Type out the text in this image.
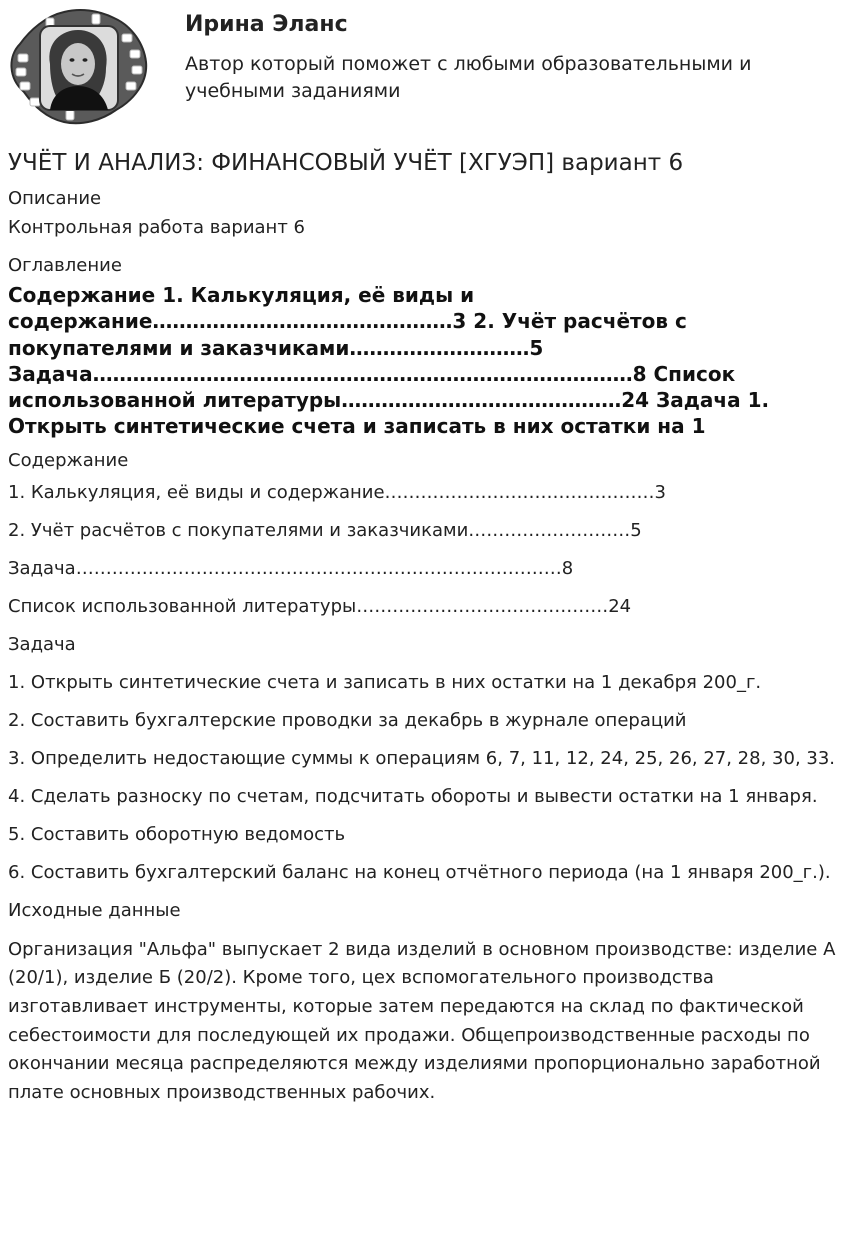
Ирина Эланс
Автор который поможет с любыми образовательными и учебными заданиями
УЧЁТ И АНАЛИЗ: ФИНАНСОВЫЙ УЧЁТ [ХГУЭП] вариант 6
Описание
Контрольная работа вариант 6
Оглавление
Содержание 1. Калькуляция, её виды и содержание………………………………………3 2. Учёт расчётов с покупателями и заказчиками………………………5 Задача………………………………………………………………………8 Список использованной литературы……………………………………24 Задача 1. Открыть синтетические счета и записать в них остатки на 1
Содержание
1. Калькуляция, её виды и содержание………………………………………3
2. Учёт расчётов с покупателями и заказчиками………………………5
Задача………………………………………………………………………8
Список использованной литературы……………………………………24
Задача
1. Открыть синтетические счета и записать в них остатки на 1 декабря 200_г.
2. Составить бухгалтерские проводки за декабрь в журнале операций
3. Определить недостающие суммы к операциям 6, 7, 11, 12, 24, 25, 26, 27, 28, 30, 33.
4. Сделать разноску по счетам, подсчитать обороты и вывести остатки на 1 января.
5. Составить оборотную ведомость
6. Составить бухгалтерский баланс на конец отчётного периода (на 1 января 200_г.).
Исходные данные
Организация "Альфа" выпускает 2 вида изделий в основном производстве: изделие А (20/1), изделие Б (20/2). Кроме того, цех вспомогательного производства изготавливает инструменты, которые затем передаются на склад по фактической себестоимости для последующей их продажи. Общепроизводственные расходы по окончании месяца распределяются между изделиями пропорционально заработной плате основных производственных рабочих.
